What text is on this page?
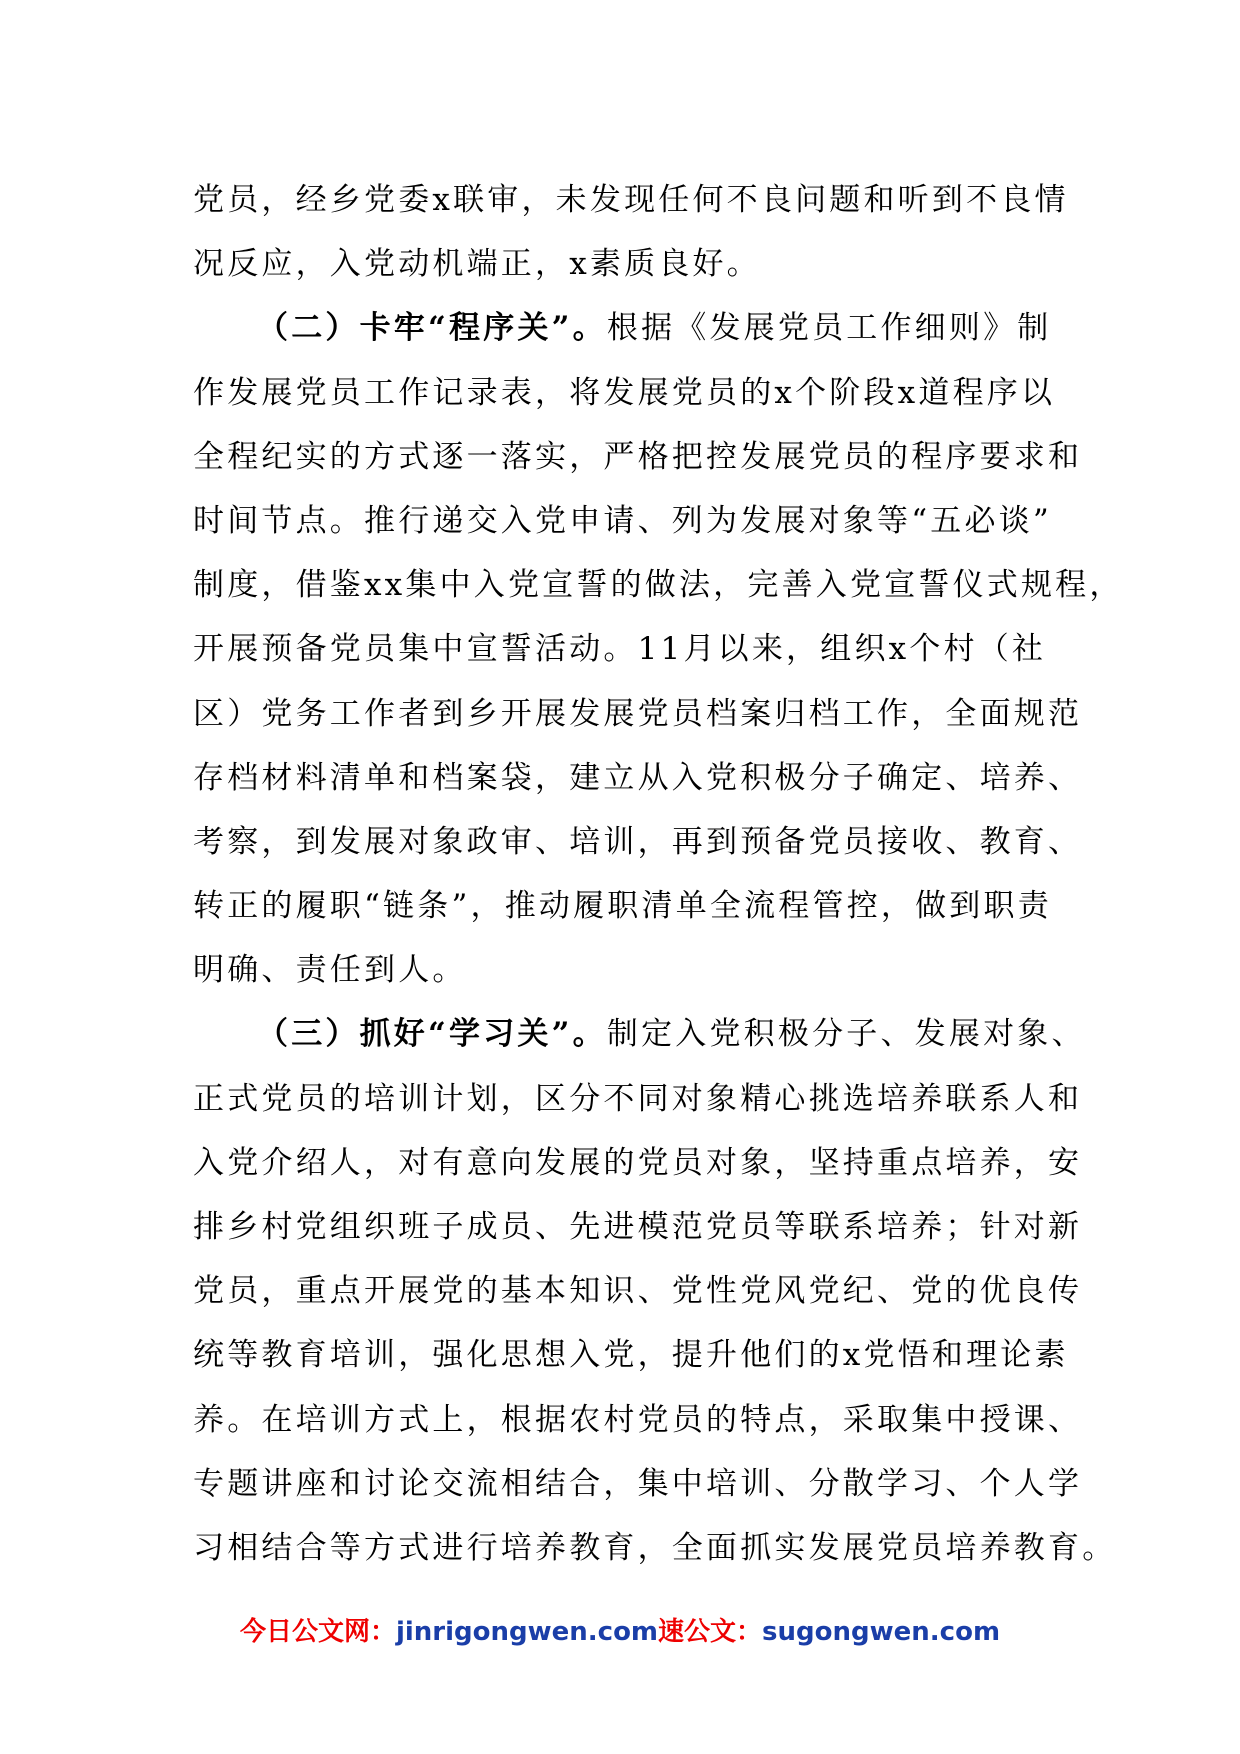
党员，经乡党委x联审，未发现任何不良问题和听到不良情
况反应，入党动机端正，x素质良好。
（二）卡牢“程序关”。根据《发展党员工作细则》制
作发展党员工作记录表，将发展党员的x个阶段x道程序以
全程纪实的方式逐一落实，严格把控发展党员的程序要求和
时间节点。推行递交入党申请、列为发展对象等“五必谈”
制度，借鉴xx集中入党宣誓的做法，完善入党宣誓仪式规程，
开展预备党员集中宣誓活动。11月以来，组织x个村（社
区）党务工作者到乡开展发展党员档案归档工作，全面规范
存档材料清单和档案袋，建立从入党积极分子确定、培养、
考察，到发展对象政审、培训，再到预备党员接收、教育、
转正的履职“链条”，推动履职清单全流程管控，做到职责
明确、责任到人。
（三）抓好“学习关”。制定入党积极分子、发展对象、
正式党员的培训计划，区分不同对象精心挑选培养联系人和
入党介绍人，对有意向发展的党员对象，坚持重点培养，安
排乡村党组织班子成员、先进模范党员等联系培养；针对新
党员，重点开展党的基本知识、党性党风党纪、党的优良传
统等教育培训，强化思想入党，提升他们的x党悟和理论素
养。在培训方式上，根据农村党员的特点，采取集中授课、
专题讲座和讨论交流相结合，集中培训、分散学习、个人学
习相结合等方式进行培养教育，全面抓实发展党员培养教育。
今日公文网：jinrigongwen.com速公文：sugongwen.com
